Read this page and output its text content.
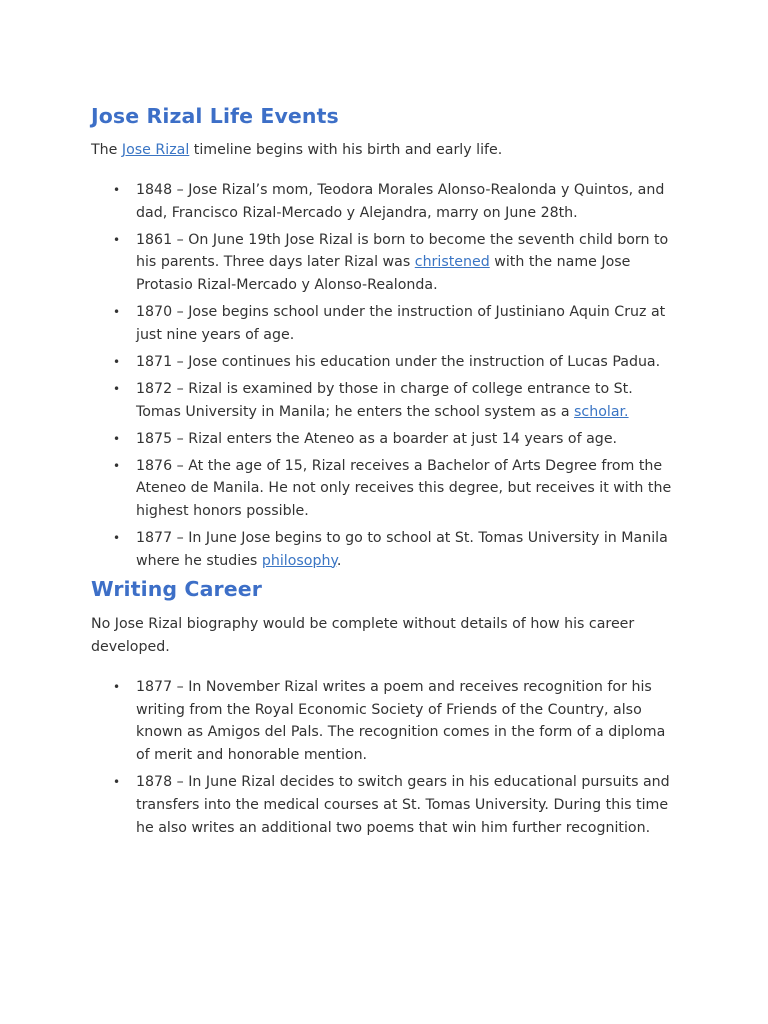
Jose Rizal Life Events

The Jose Rizal timeline begins with his birth and early life.

• 1848 – Jose Rizal’s mom, Teodora Morales Alonso-Realonda y Quintos, and dad, Francisco Rizal-Mercado y Alejandra, marry on June 28th.
• 1861 – On June 19th Jose Rizal is born to become the seventh child born to his parents. Three days later Rizal was christened with the name Jose Protasio Rizal-Mercado y Alonso-Realonda.
• 1870 – Jose begins school under the instruction of Justiniano Aquin Cruz at just nine years of age.
• 1871 – Jose continues his education under the instruction of Lucas Padua.
• 1872 – Rizal is examined by those in charge of college entrance to St. Tomas University in Manila; he enters the school system as a scholar.
• 1875 – Rizal enters the Ateneo as a boarder at just 14 years of age.
• 1876 – At the age of 15, Rizal receives a Bachelor of Arts Degree from the Ateneo de Manila. He not only receives this degree, but receives it with the highest honors possible.
• 1877 – In June Jose begins to go to school at St. Tomas University in Manila where he studies philosophy.
Writing Career

No Jose Rizal biography would be complete without details of how his career developed.

• 1877 – In November Rizal writes a poem and receives recognition for his writing from the Royal Economic Society of Friends of the Country, also known as Amigos del Pals. The recognition comes in the form of a diploma of merit and honorable mention.
• 1878 – In June Rizal decides to switch gears in his educational pursuits and transfers into the medical courses at St. Tomas University. During this time he also writes an additional two poems that win him further recognition.
